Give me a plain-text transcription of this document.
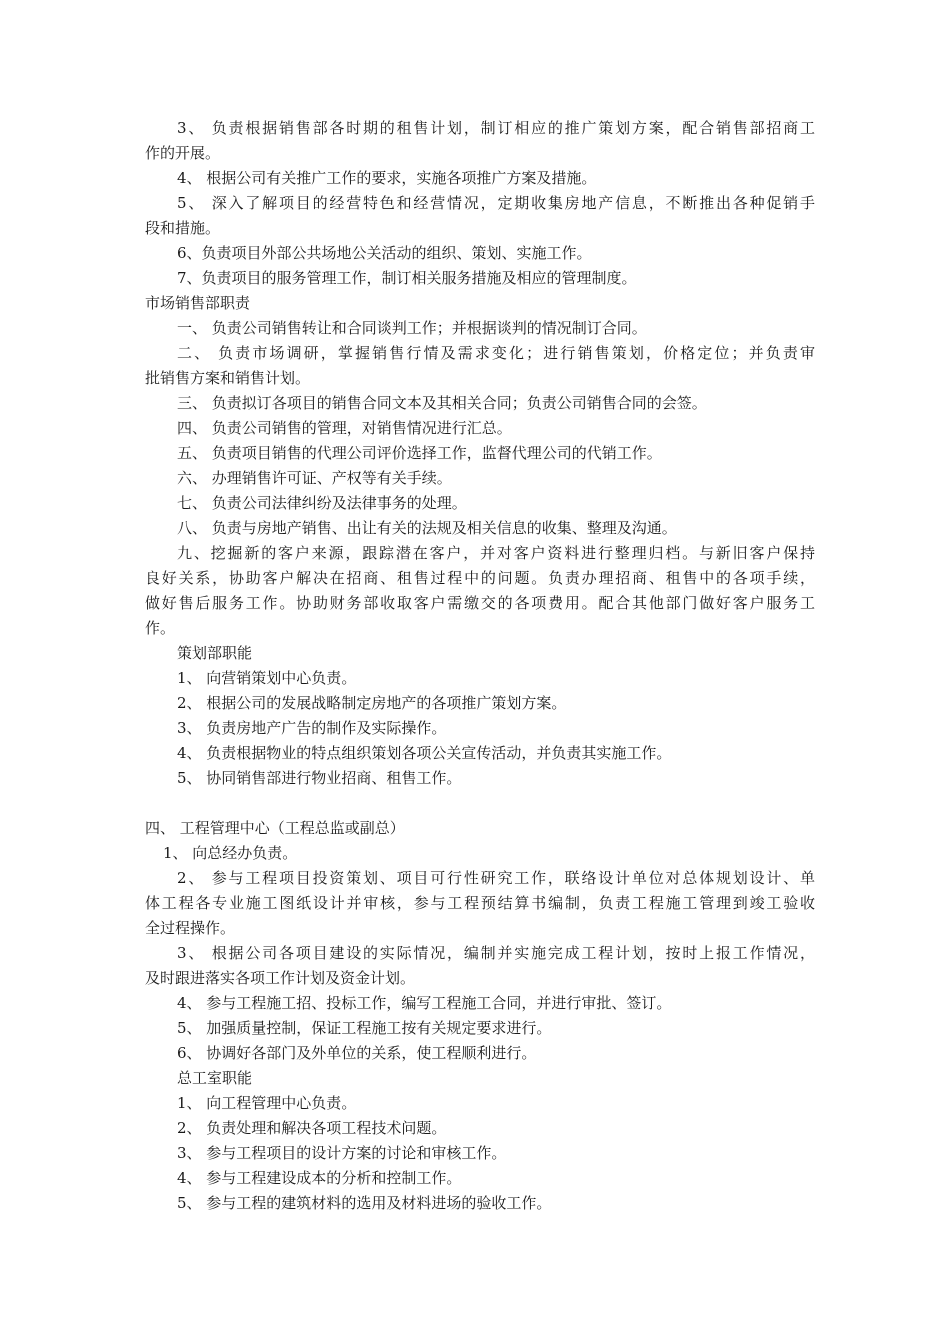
3、 负责根据销售部各时期的租售计划，制订相应的推广策划方案，配合销售部招商工
作的开展。
4、 根据公司有关推广工作的要求，实施各项推广方案及措施。
5、 深入了解项目的经营特色和经营情况，定期收集房地产信息，不断推出各种促销手
段和措施。
6、负责项目外部公共场地公关活动的组织、策划、实施工作。
7、负责项目的服务管理工作，制订相关服务措施及相应的管理制度。
市场销售部职责
一、 负责公司销售转让和合同谈判工作；并根据谈判的情况制订合同。
二、 负责市场调研，掌握销售行情及需求变化；进行销售策划，价格定位；并负责审
批销售方案和销售计划。
三、 负责拟订各项目的销售合同文本及其相关合同；负责公司销售合同的会签。
四、 负责公司销售的管理，对销售情况进行汇总。
五、 负责项目销售的代理公司评价选择工作，监督代理公司的代销工作。
六、 办理销售许可证、产权等有关手续。
七、 负责公司法律纠纷及法律事务的处理。
八、 负责与房地产销售、出让有关的法规及相关信息的收集、整理及沟通。
九、挖掘新的客户来源，跟踪潜在客户，并对客户资料进行整理归档。与新旧客户保持
良好关系，协助客户解决在招商、租售过程中的问题。负责办理招商、租售中的各项手续，
做好售后服务工作。协助财务部收取客户需缴交的各项费用。配合其他部门做好客户服务工
作。
策划部职能
1、 向营销策划中心负责。
2、 根据公司的发展战略制定房地产的各项推广策划方案。
3、 负责房地产广告的制作及实际操作。
4、 负责根据物业的特点组织策划各项公关宣传活动，并负责其实施工作。
5、 协同销售部进行物业招商、租售工作。
四、 工程管理中心（工程总监或副总）
1、 向总经办负责。
2、 参与工程项目投资策划、项目可行性研究工作，联络设计单位对总体规划设计、单
体工程各专业施工图纸设计并审核，参与工程预结算书编制，负责工程施工管理到竣工验收
全过程操作。
3、 根据公司各项目建设的实际情况，编制并实施完成工程计划，按时上报工作情况，
及时跟进落实各项工作计划及资金计划。
4、 参与工程施工招、投标工作，编写工程施工合同，并进行审批、签订。
5、 加强质量控制，保证工程施工按有关规定要求进行。
6、 协调好各部门及外单位的关系，使工程顺利进行。
总工室职能
1、 向工程管理中心负责。
2、 负责处理和解决各项工程技术问题。
3、 参与工程项目的设计方案的讨论和审核工作。
4、 参与工程建设成本的分析和控制工作。
5、 参与工程的建筑材料的选用及材料进场的验收工作。
